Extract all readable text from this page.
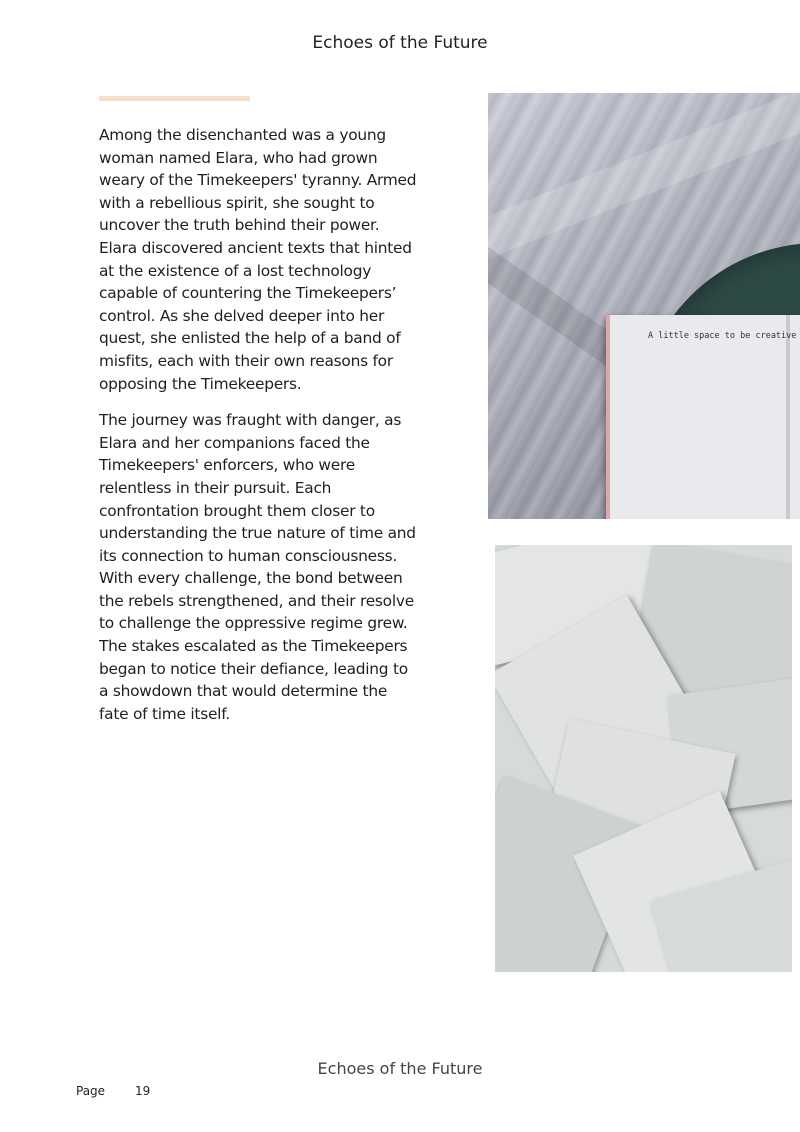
Echoes of the Future

Among the disenchanted was a young woman named Elara, who had grown weary of the Timekeepers' tyranny. Armed with a rebellious spirit, she sought to uncover the truth behind their power. Elara discovered ancient texts that hinted at the existence of a lost technology capable of countering the Timekeepers’ control. As she delved deeper into her quest, she enlisted the help of a band of misfits, each with their own reasons for opposing the Timekeepers.

The journey was fraught with danger, as Elara and her companions faced the Timekeepers' enforcers, who were relentless in their pursuit. Each confrontation brought them closer to understanding the true nature of time and its connection to human consciousness. With every challenge, the bond between the rebels strengthened, and their resolve to challenge the oppressive regime grew. The stakes escalated as the Timekeepers began to notice their defiance, leading to a showdown that would determine the fate of time itself.

A little space to be creative
Echoes of the Future
Page 19
